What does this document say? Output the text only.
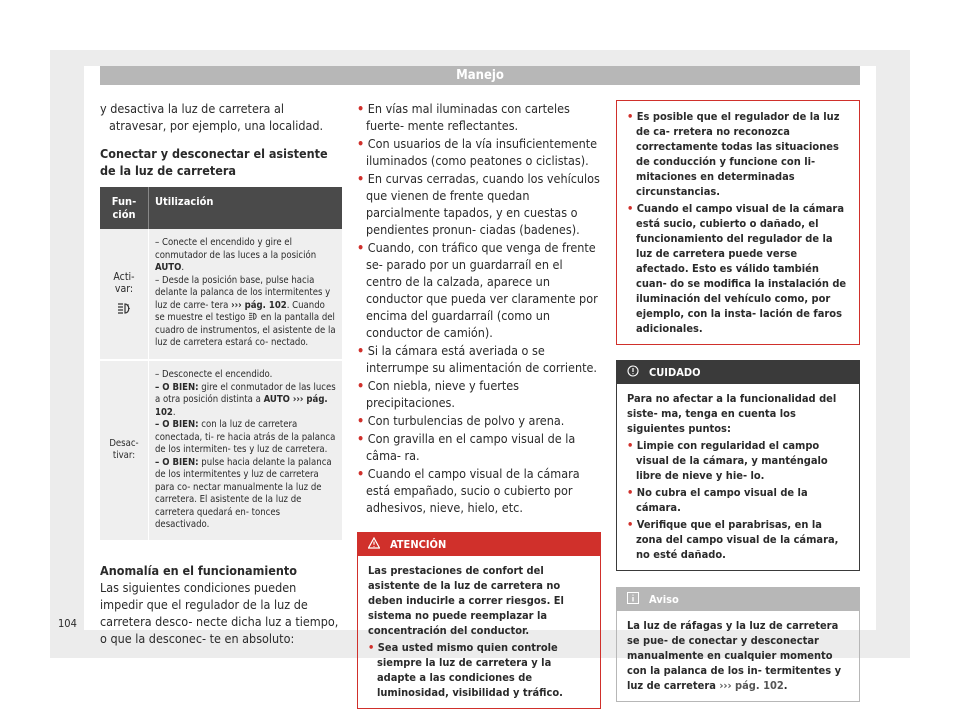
Manejo

y desactiva la luz de carretera al atravesar, por ejemplo, una localidad.

Conectar y desconectar el asistente de la luz de carretera

Fun- ción	Utilización

Acti- var:	– Conecte el encendido y gire el conmutador de las luces a la posición AUTO.
– Desde la posición base, pulse hacia delante la palanca de los intermitentes y luz de carre- tera ››› pág. 102. Cuando se muestre el testigo  en la pantalla del cuadro de instrumentos, el asistente de la luz de carretera estará co- nectado.
Desac- tivar:	– Desconecte el encendido.
– O BIEN: gire el conmutador de las luces a otra posición distinta a AUTO ››› pág. 102.
– O BIEN: con la luz de carretera conectada, ti- re hacia atrás de la palanca de los intermiten- tes y luz de carretera.
– O BIEN: pulse hacia delante la palanca de los intermitentes y luz de carretera para co- nectar manualmente la luz de carretera. El asistente de la luz de carretera quedará en- tonces desactivado.

Anomalía en el funcionamiento

Las siguientes condiciones pueden impedir que el regulador de la luz de carretera desco- necte dicha luz a tiempo, o que la desconec- te en absoluto:

• En vías mal iluminadas con carteles fuerte- mente reflectantes.

• Con usuarios de la vía insuficientemente iluminados (como peatones o ciclistas).

• En curvas cerradas, cuando los vehículos que vienen de frente quedan parcialmente tapados, y en cuestas o pendientes pronun- ciadas (badenes).

• Cuando, con tráfico que venga de frente se- parado por un guardarraíl en el centro de la calzada, aparece un conductor que pueda ver claramente por encima del guardarraíl (como un conductor de camión).

• Si la cámara está averiada o se interrumpe su alimentación de corriente.

• Con niebla, nieve y fuertes precipitaciones.

• Con turbulencias de polvo y arena.

• Con gravilla en el campo visual de la câma- ra.

• Cuando el campo visual de la cámara está empañado, sucio o cubierto por adhesivos, nieve, hielo, etc.

ATENCIÓN
Las prestaciones de confort del asistente de la luz de carretera no deben inducirle a correr riesgos. El sistema no puede reemplazar la concentración del conductor.
• Sea usted mismo quien controle siempre la luz de carretera y la adapte a las condiciones de luminosidad, visibilidad y tráfico.
• Es posible que el regulador de la luz de ca- rretera no reconozca correctamente todas las situaciones de conducción y funcione con li- mitaciones en determinadas circunstancias.
• Cuando el campo visual de la cámara está sucio, cubierto o dañado, el funcionamiento del regulador de la luz de carretera puede verse afectado. Esto es válido también cuan- do se modifica la instalación de iluminación del vehículo como, por ejemplo, con la insta- lación de faros adicionales.
CUIDADO
Para no afectar a la funcionalidad del siste- ma, tenga en cuenta los siguientes puntos:
• Limpie con regularidad el campo visual de la cámara, y manténgalo libre de nieve y hie- lo.
• No cubra el campo visual de la cámara.
• Verifique que el parabrisas, en la zona del campo visual de la cámara, no esté dañado.
Aviso
La luz de ráfagas y la luz de carretera se pue- de conectar y desconectar manualmente en cualquier momento con la palanca de los in- termitentes y luz de carretera ››› pág. 102.
104
